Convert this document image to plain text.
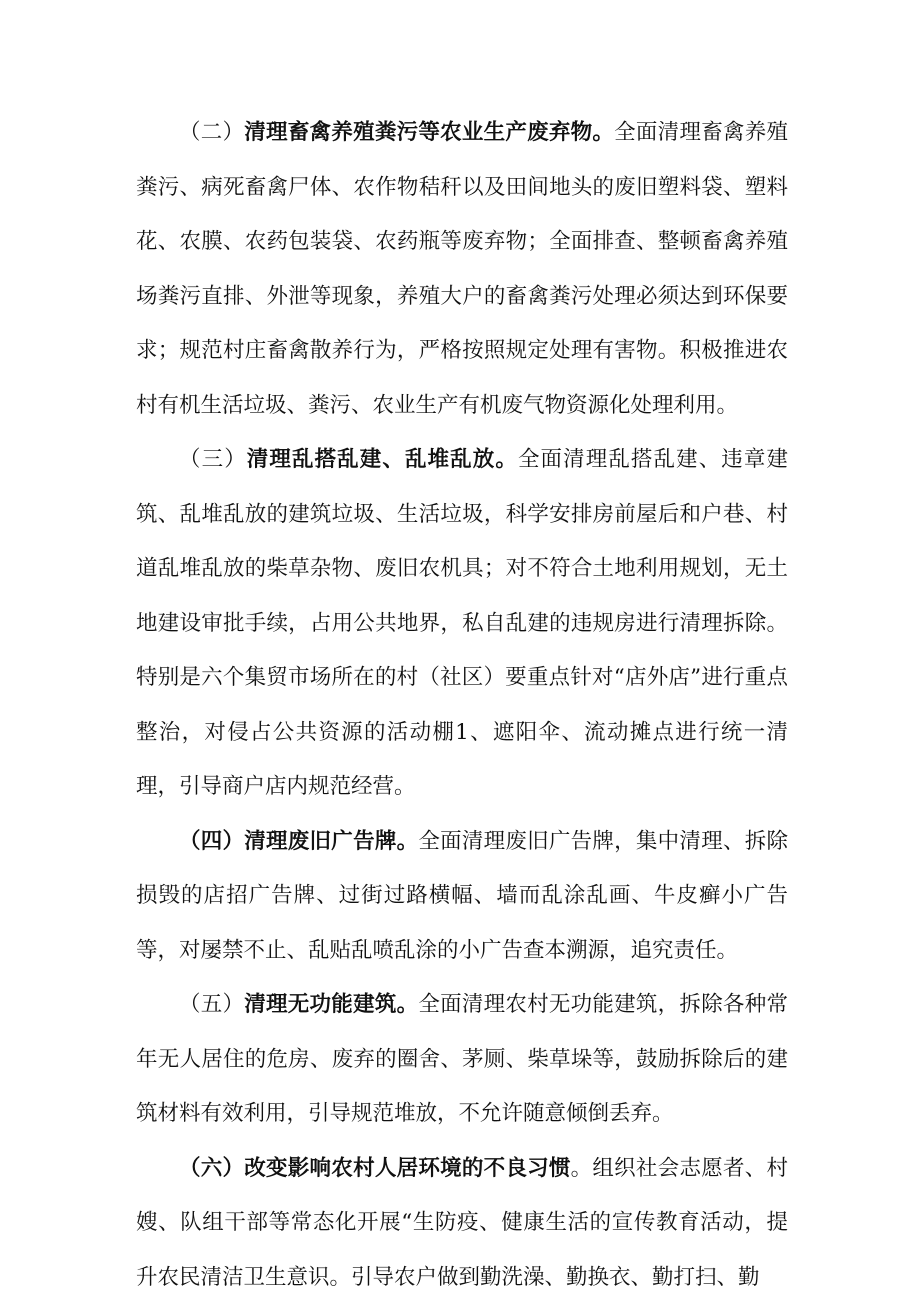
（二）清理畜禽养殖粪污等农业生产废弃物。全面清理畜禽养殖粪污、病死畜禽尸体、农作物秸秆以及田间地头的废旧塑料袋、塑料花、农膜、农药包装袋、农药瓶等废弃物；全面排查、整顿畜禽养殖场粪污直排、外泄等现象，养殖大户的畜禽粪污处理必须达到环保要求；规范村庄畜禽散养行为，严格按照规定处理有害物。积极推进农村有机生活垃圾、粪污、农业生产有机废气物资源化处理利用。

（三）清理乱搭乱建、乱堆乱放。全面清理乱搭乱建、违章建筑、乱堆乱放的建筑垃圾、生活垃圾，科学安排房前屋后和户巷、村道乱堆乱放的柴草杂物、废旧农机具；对不符合土地利用规划，无土地建设审批手续，占用公共地界，私自乱建的违规房进行清理拆除。特别是六个集贸市场所在的村（社区）要重点针对“店外店”进行重点整治，对侵占公共资源的活动棚1、遮阳伞、流动摊点进行统一清理，引导商户店内规范经营。

（四）清理废旧广告牌。全面清理废旧广告牌，集中清理、拆除损毁的店招广告牌、过街过路横幅、墙而乱涂乱画、牛皮癣小广告等，对屡禁不止、乱贴乱喷乱涂的小广告查本溯源，追究责任。

（五）清理无功能建筑。全面清理农村无功能建筑，拆除各种常年无人居住的危房、废弃的圈舍、茅厕、柴草垛等，鼓励拆除后的建筑材料有效利用，引导规范堆放，不允许随意倾倒丢弃。

（六）改变影响农村人居环境的不良习惯。组织社会志愿者、村嫂、队组干部等常态化开展“生防疫、健康生活的宣传教育活动，提升农民清洁卫生意识。引导农户做到勤洗澡、勤换衣、勤打扫、勤
